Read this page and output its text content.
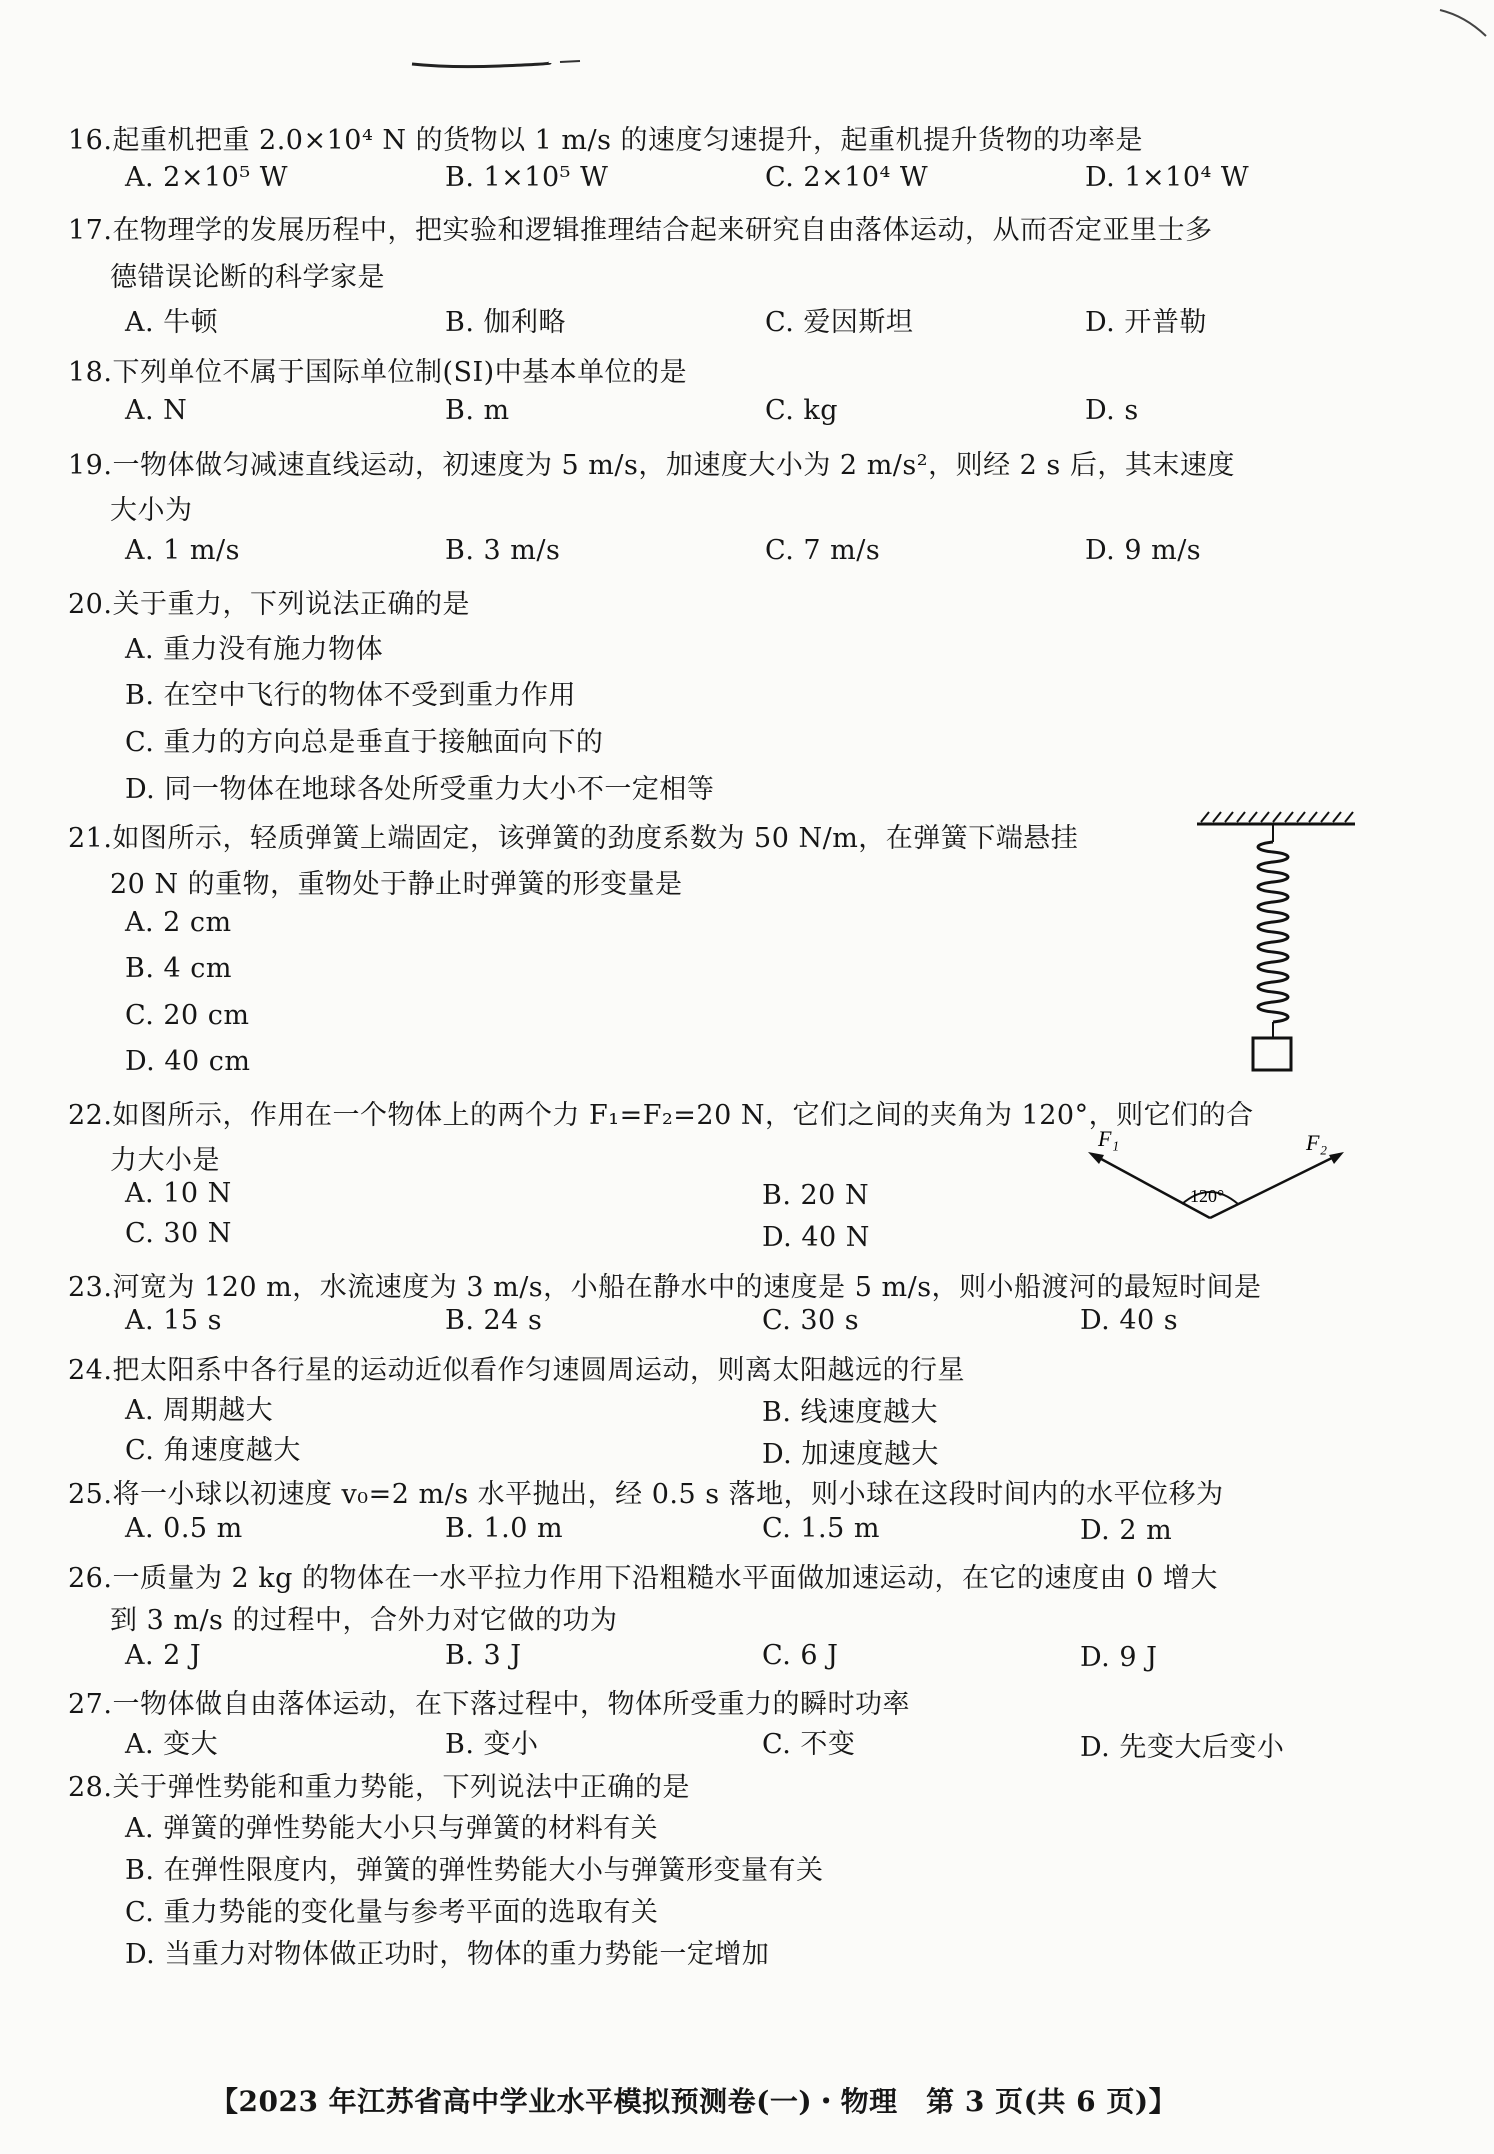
16.起重机把重 2.0×10⁴ N 的货物以 1 m/s 的速度匀速提升，起重机提升货物的功率是
A. 2×10⁵ W	B. 1×10⁵ W	C. 2×10⁴ W	D. 1×10⁴ W
17.在物理学的发展历程中，把实验和逻辑推理结合起来研究自由落体运动，从而否定亚里士多
德错误论断的科学家是
A. 牛顿	B. 伽利略	C. 爱因斯坦	D. 开普勒
18.下列单位不属于国际单位制(SI)中基本单位的是
A. N	B. m	C. kg	D. s
19.一物体做匀减速直线运动，初速度为 5 m/s，加速度大小为 2 m/s²，则经 2 s 后，其末速度
大小为
A. 1 m/s	B. 3 m/s	C. 7 m/s	D. 9 m/s
20.关于重力，下列说法正确的是
A. 重力没有施力物体
B. 在空中飞行的物体不受到重力作用
C. 重力的方向总是垂直于接触面向下的
D. 同一物体在地球各处所受重力大小不一定相等
21.如图所示，轻质弹簧上端固定，该弹簧的劲度系数为 50 N/m，在弹簧下端悬挂
20 N 的重物，重物处于静止时弹簧的形变量是
A. 2 cm
B. 4 cm
C. 20 cm
D. 40 cm
22.如图所示，作用在一个物体上的两个力 F₁=F₂=20 N，它们之间的夹角为 120°，则它们的合
力大小是
A. 10 N	B. 20 N
C. 30 N	D. 40 N
F₁	F₂
120°
23.河宽为 120 m，水流速度为 3 m/s，小船在静水中的速度是 5 m/s，则小船渡河的最短时间是
A. 15 s	B. 24 s	C. 30 s	D. 40 s
24.把太阳系中各行星的运动近似看作匀速圆周运动，则离太阳越远的行星
A. 周期越大	B. 线速度越大
C. 角速度越大	D. 加速度越大
25.将一小球以初速度 v₀=2 m/s 水平抛出，经 0.5 s 落地，则小球在这段时间内的水平位移为
A. 0.5 m	B. 1.0 m	C. 1.5 m	D. 2 m
26.一质量为 2 kg 的物体在一水平拉力作用下沿粗糙水平面做加速运动，在它的速度由 0 增大
到 3 m/s 的过程中，合外力对它做的功为
A. 2 J	B. 3 J	C. 6 J	D. 9 J
27.一物体做自由落体运动，在下落过程中，物体所受重力的瞬时功率
A. 变大	B. 变小	C. 不变	D. 先变大后变小
28.关于弹性势能和重力势能，下列说法中正确的是
A. 弹簧的弹性势能大小只与弹簧的材料有关
B. 在弹性限度内，弹簧的弹性势能大小与弹簧形变量有关
C. 重力势能的变化量与参考平面的选取有关
D. 当重力对物体做正功时，物体的重力势能一定增加
【2023 年江苏省高中学业水平模拟预测卷(一)・物理　第 3 页(共 6 页)】
